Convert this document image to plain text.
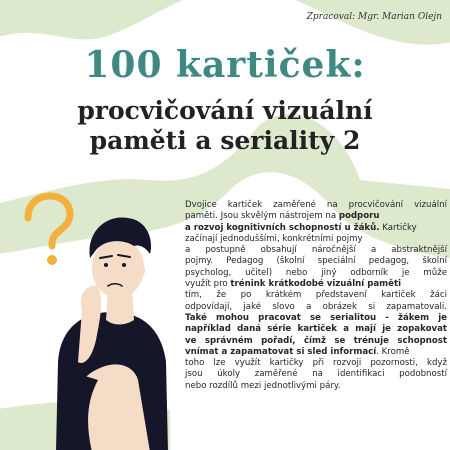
Zpracoval: Mgr. Marian Olejn
100 kartiček:
procvičování vizuální
paměti a seriality 2
Dvojice kartiček zaměřené na procvičování vizuální
paměti. Jsou skvělým nástrojem na podporu
a rozvoj kognitivních schopností u žáků. Kartičky
začínají jednoduššími, konkrétními pojmy
a postupně obsahují náročnější a abstraktnější
pojmy. Pedagog (školní speciální pedagog, školní
psycholog, učitel) nebo jiný odborník je může
využít pro trénink krátkodobé vizuální paměti
tím, že po krátkém představení kartiček žáci
odpovídají, jaké slovo a obrázek si zapamatovali.
Také mohou pracovat se serialitou - žákem je
například daná série kartiček a mají je zopakovat
ve správném pořadí, čímž se trénuje schopnost
vnímat a zapamatovat si sled informací. Kromě
toho lze využít kartičky při rozvoji pozornosti, když
jsou úkoly zaměřené na identifikaci podobností
nebo rozdílů mezi jednotlivými páry.
